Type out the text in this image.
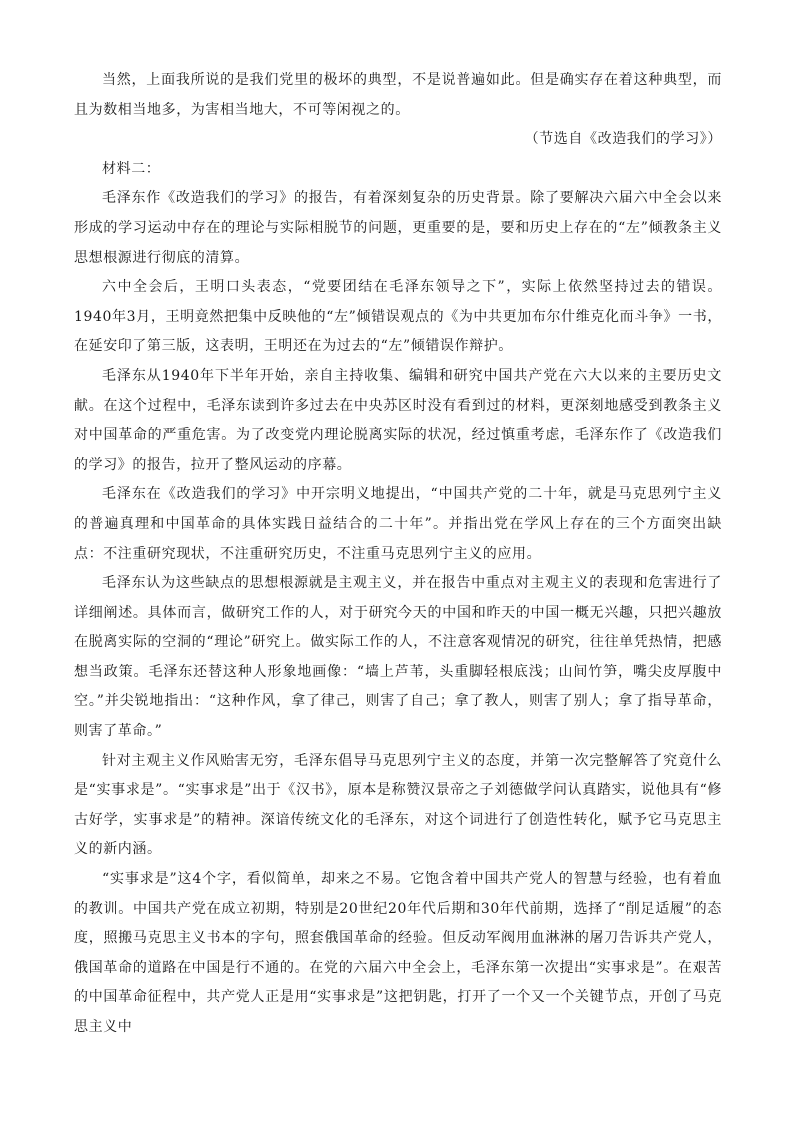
当然，上面我所说的是我们党里的极坏的典型，不是说普遍如此。但是确实存在着这种典型，而且为数相当地多，为害相当地大，不可等闲视之的。

（节选自《改造我们的学习》）

材料二：

毛泽东作《改造我们的学习》的报告，有着深刻复杂的历史背景。除了要解决六届六中全会以来形成的学习运动中存在的理论与实际相脱节的问题，更重要的是，要和历史上存在的“左”倾教条主义思想根源进行彻底的清算。

六中全会后，王明口头表态，“党要团结在毛泽东领导之下”，实际上依然坚持过去的错误。1940年3月，王明竟然把集中反映他的“左”倾错误观点的《为中共更加布尔什维克化而斗争》一书，在延安印了第三版，这表明，王明还在为过去的“左”倾错误作辩护。

毛泽东从1940年下半年开始，亲自主持收集、编辑和研究中国共产党在六大以来的主要历史文献。在这个过程中，毛泽东读到许多过去在中央苏区时没有看到过的材料，更深刻地感受到教条主义对中国革命的严重危害。为了改变党内理论脱离实际的状况，经过慎重考虑，毛泽东作了《改造我们的学习》的报告，拉开了整风运动的序幕。

毛泽东在《改造我们的学习》中开宗明义地提出，“中国共产党的二十年，就是马克思列宁主义的普遍真理和中国革命的具体实践日益结合的二十年”。并指出党在学风上存在的三个方面突出缺点：不注重研究现状，不注重研究历史，不注重马克思列宁主义的应用。

毛泽东认为这些缺点的思想根源就是主观主义，并在报告中重点对主观主义的表现和危害进行了详细阐述。具体而言，做研究工作的人，对于研究今天的中国和昨天的中国一概无兴趣，只把兴趣放在脱离实际的空洞的“理论”研究上。做实际工作的人，不注意客观情况的研究，往往单凭热情，把感想当政策。毛泽东还替这种人形象地画像：“墙上芦苇，头重脚轻根底浅；山间竹笋，嘴尖皮厚腹中空。”并尖锐地指出：“这种作风，拿了律己，则害了自己；拿了教人，则害了别人；拿了指导革命，则害了革命。”

针对主观主义作风贻害无穷，毛泽东倡导马克思列宁主义的态度，并第一次完整解答了究竟什么是“实事求是”。“实事求是”出于《汉书》，原本是称赞汉景帝之子刘德做学问认真踏实，说他具有“修古好学，实事求是”的精神。深谙传统文化的毛泽东，对这个词进行了创造性转化，赋予它马克思主义的新内涵。

“实事求是”这4个字，看似简单，却来之不易。它饱含着中国共产党人的智慧与经验，也有着血的教训。中国共产党在成立初期，特别是20世纪20年代后期和30年代前期，选择了“削足适履”的态度，照搬马克思主义书本的字句，照套俄国革命的经验。但反动军阀用血淋淋的屠刀告诉共产党人，俄国革命的道路在中国是行不通的。在党的六届六中全会上，毛泽东第一次提出“实事求是”。在艰苦的中国革命征程中，共产党人正是用“实事求是”这把钥匙，打开了一个又一个关键节点，开创了马克思主义中
